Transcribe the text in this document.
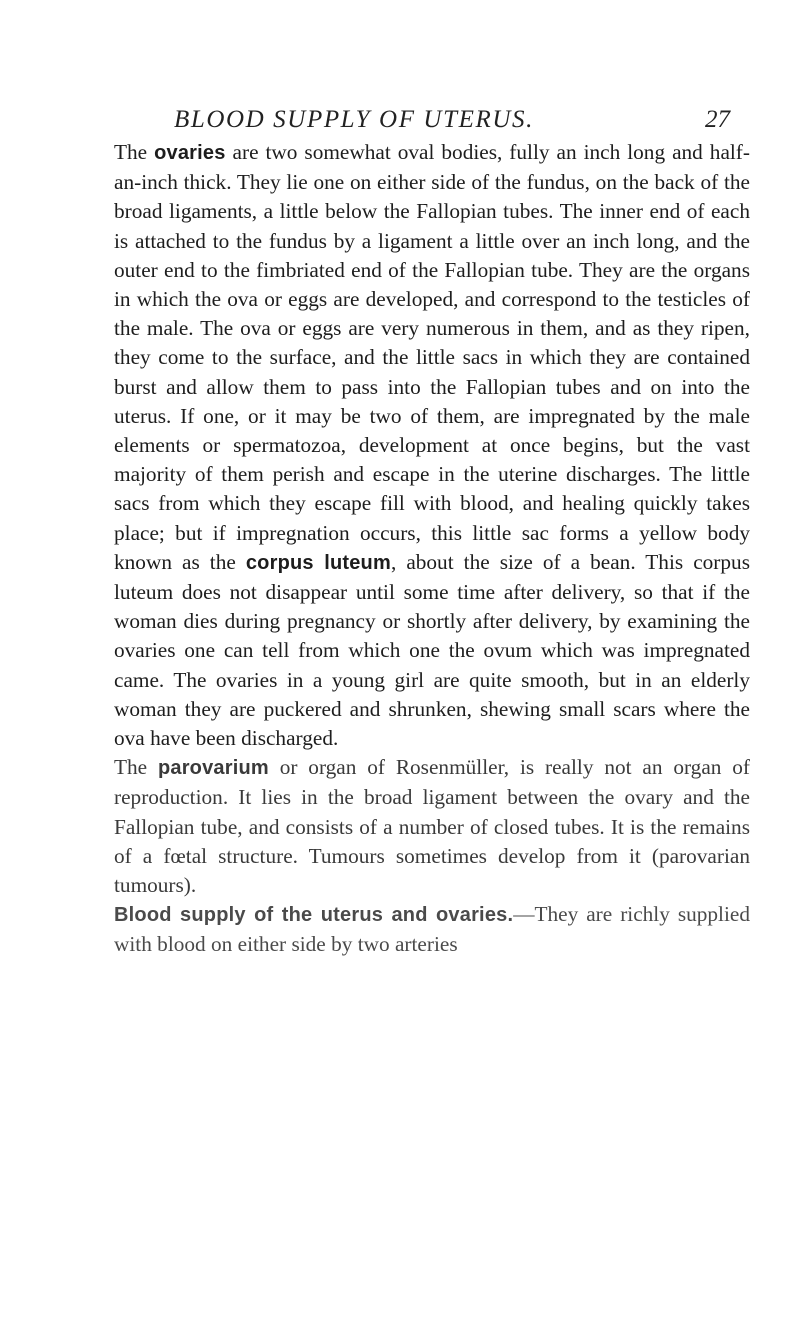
BLOOD SUPPLY OF UTERUS.	27

The ovaries are two somewhat oval bodies, fully an inch long and half-an-inch thick. They lie one on either side of the fundus, on the back of the broad ligaments, a little below the Fallopian tubes. The inner end of each is attached to the fundus by a ligament a little over an inch long, and the outer end to the fimbriated end of the Fallopian tube. They are the organs in which the ova or eggs are developed, and correspond to the testicles of the male. The ova or eggs are very numerous in them, and as they ripen, they come to the surface, and the little sacs in which they are contained burst and allow them to pass into the Fallopian tubes and on into the uterus. If one, or it may be two of them, are impregnated by the male elements or spermatozoa, development at once begins, but the vast majority of them perish and escape in the uterine discharges. The little sacs from which they escape fill with blood, and healing quickly takes place; but if impregnation occurs, this little sac forms a yellow body known as the corpus luteum, about the size of a bean. This corpus luteum does not disappear until some time after delivery, so that if the woman dies during pregnancy or shortly after delivery, by examining the ovaries one can tell from which one the ovum which was impregnated came. The ovaries in a young girl are quite smooth, but in an elderly woman they are puckered and shrunken, shewing small scars where the ova have been discharged.

The parovarium or organ of Rosenmüller, is really not an organ of reproduction. It lies in the broad ligament between the ovary and the Fallopian tube, and consists of a number of closed tubes. It is the remains of a fœtal structure. Tumours sometimes develop from it (parovarian tumours).

Blood supply of the uterus and ovaries.—They are richly supplied with blood on either side by two arteries
